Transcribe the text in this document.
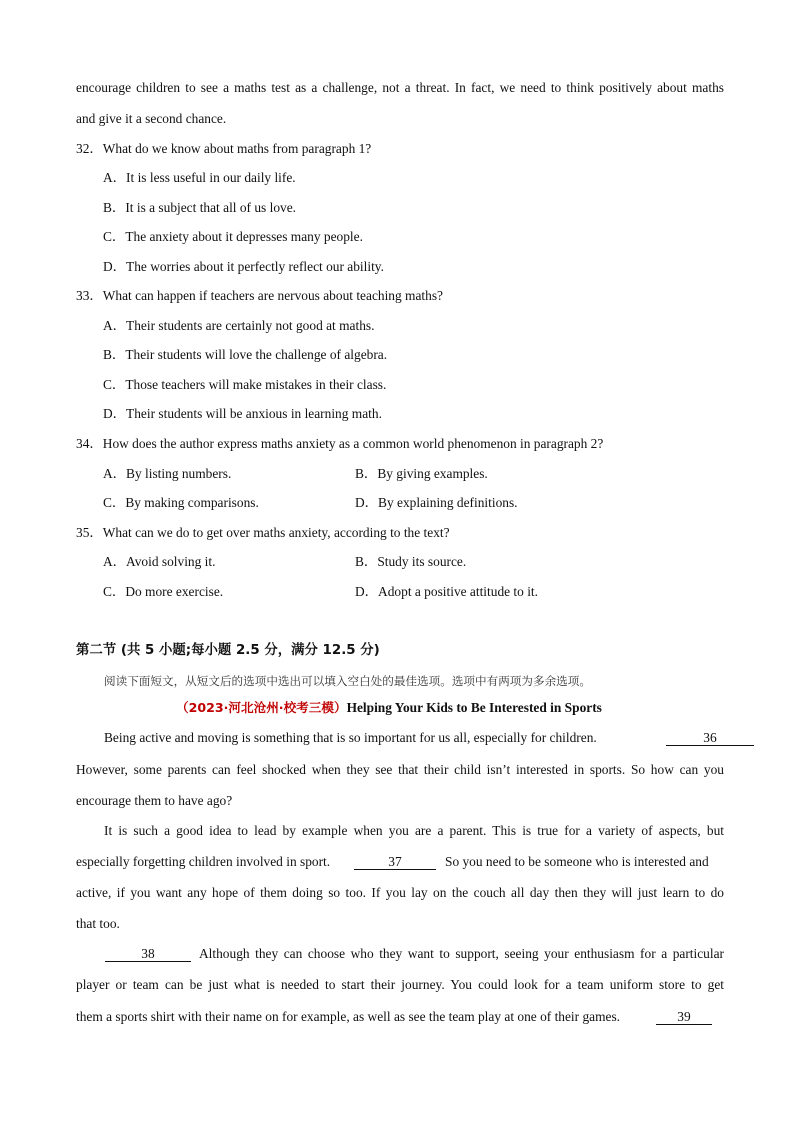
encourage children to see a maths test as a challenge, not a threat. In fact, we need to think positively about maths
and give it a second chance.
32．What do we know about maths from paragraph 1?
A．It is less useful in our daily life.
B．It is a subject that all of us love.
C．The anxiety about it depresses many people.
D．The worries about it perfectly reflect our ability.
33．What can happen if teachers are nervous about teaching maths?
A．Their students are certainly not good at maths.
B．Their students will love the challenge of algebra.
C．Those teachers will make mistakes in their class.
D．Their students will be anxious in learning math.
34．How does the author express maths anxiety as a common world phenomenon in paragraph 2?
A．By listing numbers.	B．By giving examples.
C．By making comparisons.	D．By explaining definitions.
35．What can we do to get over maths anxiety, according to the text?
A．Avoid solving it.	B．Study its source.
C．Do more exercise.	D．Adopt a positive attitude to it.
第二节 (共 5 小题;每小题 2.5 分，满分 12.5 分)
阅读下面短文，从短文后的选项中选出可以填入空白处的最佳选项。选项中有两项为多余选项。
（2023·河北沧州·校考三模）Helping Your Kids to Be Interested in Sports
Being active and moving is something that is so important for us all, especially for children.	36
However, some parents can feel shocked when they see that their child isn’t interested in sports. So how can you
encourage them to have ago?
It is such a good idea to lead by example when you are a parent. This is true for a variety of aspects, but
especially forgetting children involved in sport.	37	So you need to be someone who is interested and
active, if you want any hope of them doing so too. If you lay on the couch all day then they will just learn to do
that too.
38	Although they can choose who they want to support, seeing your enthusiasm for a particular
player or team can be just what is needed to start their journey. You could look for a team uniform store to get
them a sports shirt with their name on for example, as well as see the team play at one of their games.	39
